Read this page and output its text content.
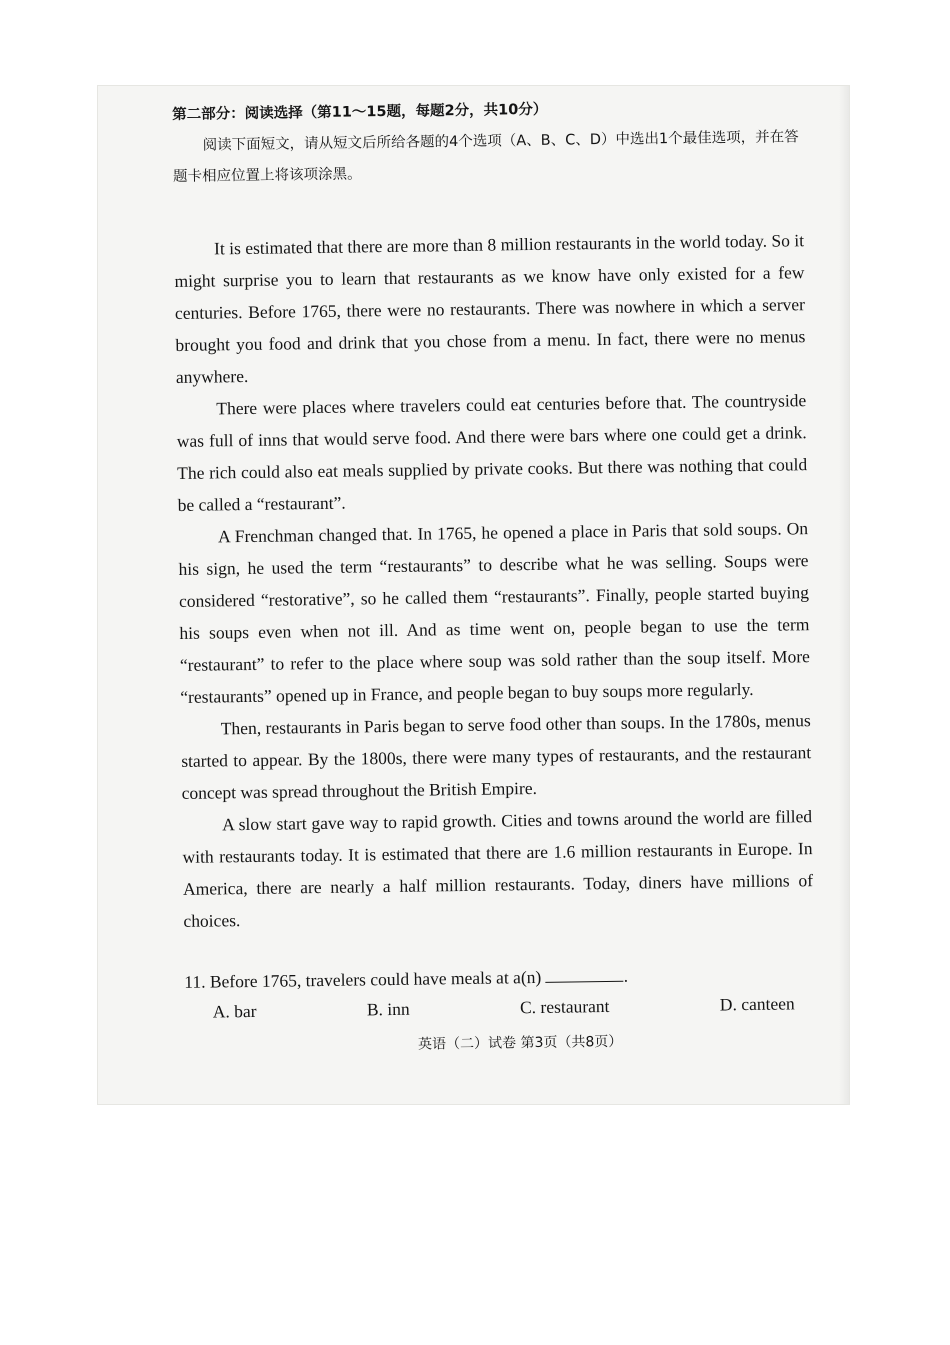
第二部分：阅读选择（第11～15题，每题2分，共10分）
阅读下面短文，请从短文后所给各题的4个选项（A、B、C、D）中选出1个最佳选项，并在答题卡相应位置上将该项涂黑。

It is estimated that there are more than 8 million restaurants in the world today. So it might surprise you to learn that restaurants as we know have only existed for a few centuries. Before 1765, there were no restaurants. There was nowhere in which a server brought you food and drink that you chose from a menu. In fact, there were no menus anywhere.

There were places where travelers could eat centuries before that. The countryside was full of inns that would serve food. And there were bars where one could get a drink. The rich could also eat meals supplied by private cooks. But there was nothing that could be called a “restaurant”.

A Frenchman changed that. In 1765, he opened a place in Paris that sold soups. On his sign, he used the term “restaurants” to describe what he was selling. Soups were considered “restorative”, so he called them “restaurants”. Finally, people started buying his soups even when not ill. And as time went on, people began to use the term “restaurant” to refer to the place where soup was sold rather than the soup itself. More “restaurants” opened up in France, and people began to buy soups more regularly.

Then, restaurants in Paris began to serve food other than soups. In the 1780s, menus started to appear. By the 1800s, there were many types of restaurants, and the restaurant concept was spread throughout the British Empire.

A slow start gave way to rapid growth. Cities and towns around the world are filled with restaurants today. It is estimated that there are 1.6 million restaurants in Europe. In America, there are nearly a half million restaurants. Today, diners have millions of choices.

11. Before 1765, travelers could have meals at a(n)	.
A. bar	B. inn	C. restaurant	D. canteen
英语（二）试卷 第3页（共8页）
